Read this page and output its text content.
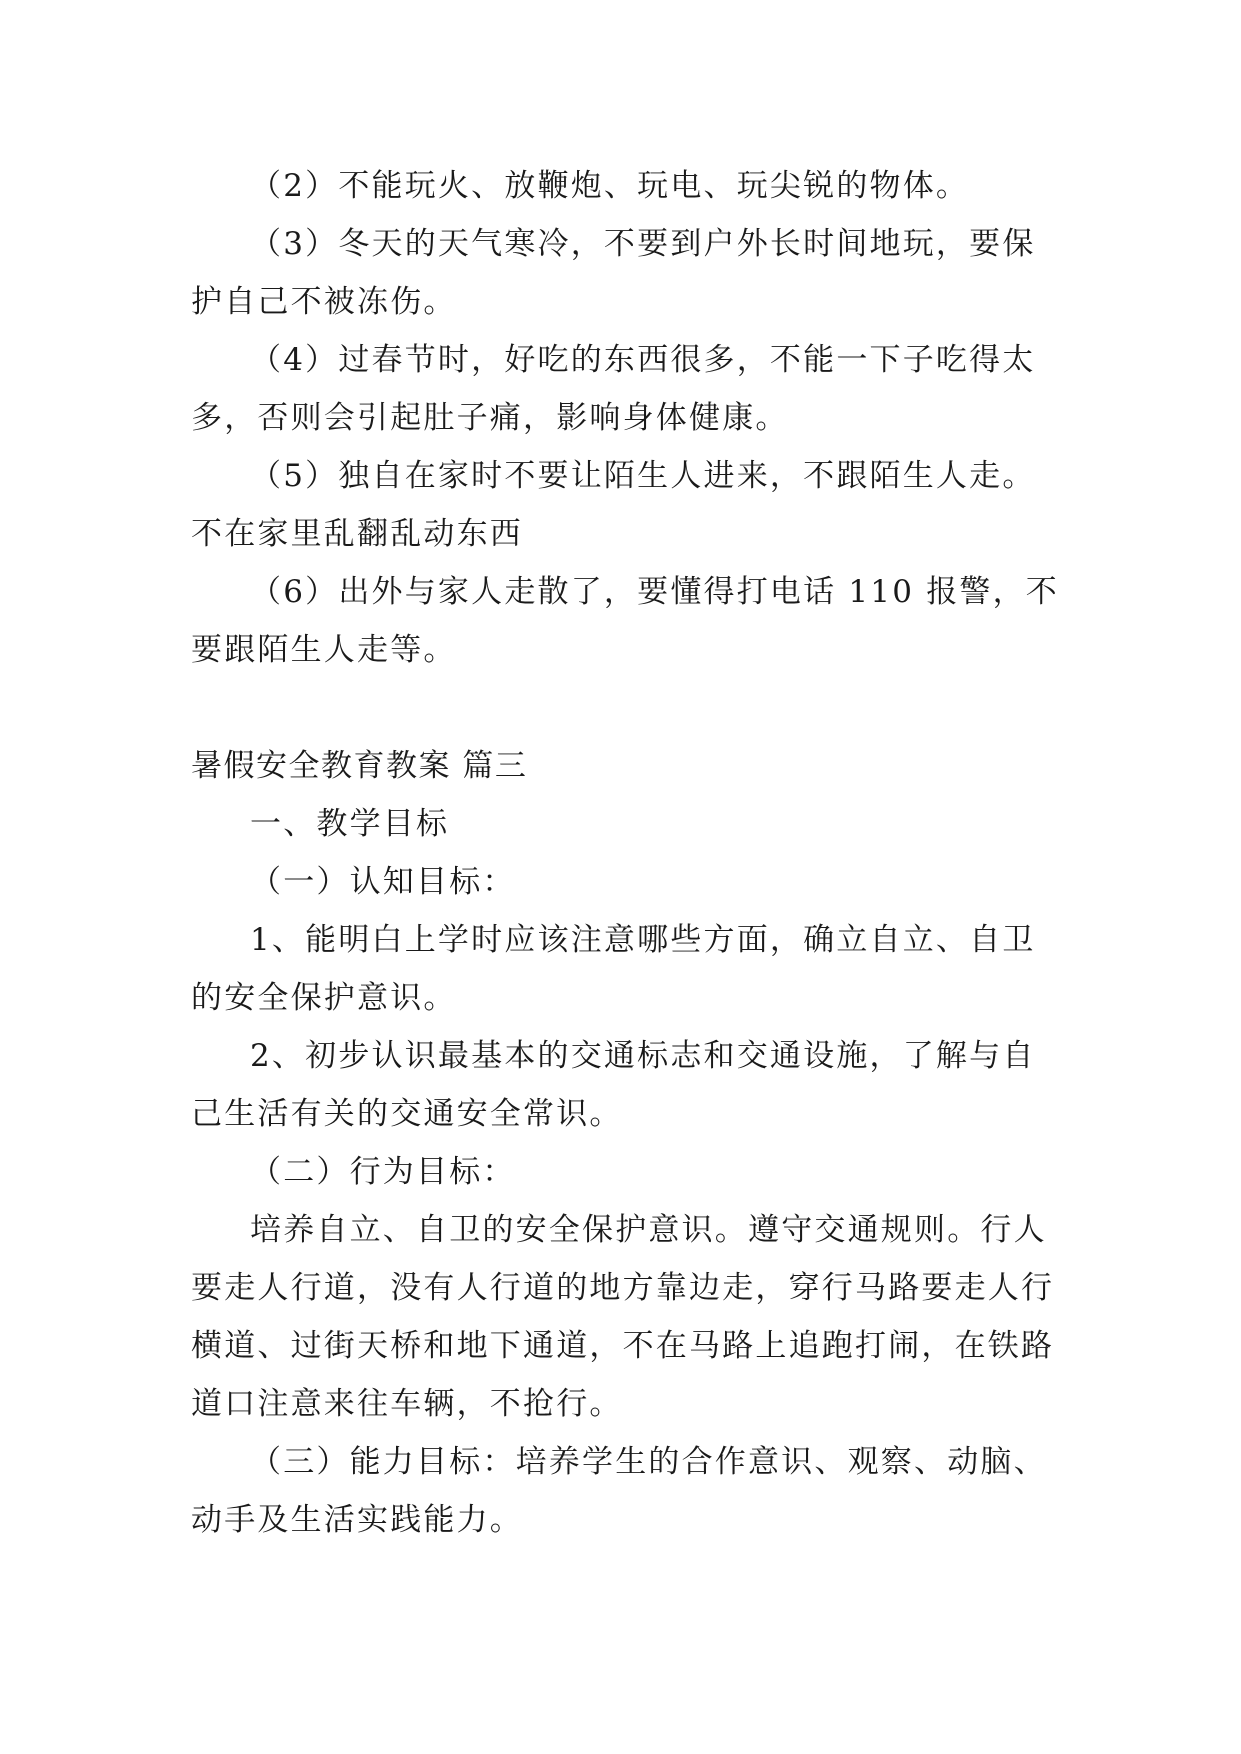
（2）不能玩火、放鞭炮、玩电、玩尖锐的物体。

（3）冬天的天气寒冷，不要到户外长时间地玩，要保

护自己不被冻伤。

（4）过春节时，好吃的东西很多，不能一下子吃得太

多，否则会引起肚子痛，影响身体健康。

（5）独自在家时不要让陌生人进来，不跟陌生人走。

不在家里乱翻乱动东西

（6）出外与家人走散了，要懂得打电话 110 报警，不

要跟陌生人走等。

暑假安全教育教案 篇三

一、教学目标

（一）认知目标：

1、能明白上学时应该注意哪些方面，确立自立、自卫

的安全保护意识。

2、初步认识最基本的交通标志和交通设施，了解与自

己生活有关的交通安全常识。

（二）行为目标：

培养自立、自卫的安全保护意识。遵守交通规则。行人

要走人行道，没有人行道的地方靠边走，穿行马路要走人行

横道、过街天桥和地下通道，不在马路上追跑打闹，在铁路

道口注意来往车辆，不抢行。

（三）能力目标：培养学生的合作意识、观察、动脑、

动手及生活实践能力。
